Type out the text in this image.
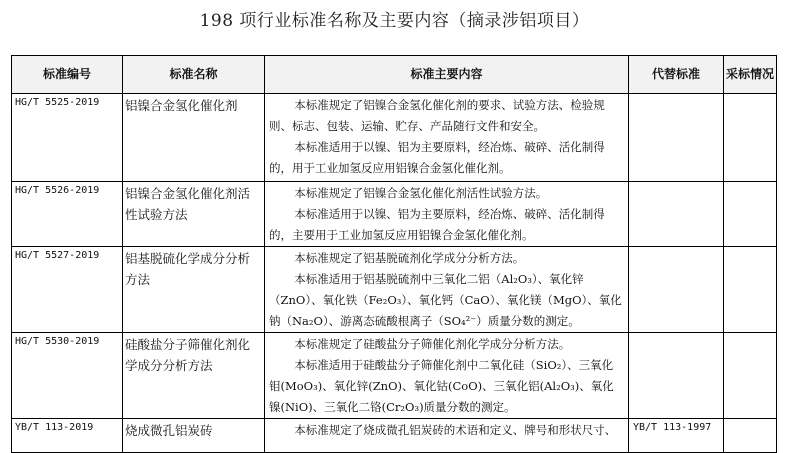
198 项行业标准名称及主要内容（摘录涉铝项目）
标准编号	标准名称	标准主要内容	代替标准	采标情况
HG/T 5525-2019	铝镍合金氢化催化剂	本标准规定了铝镍合金氢化催化剂的要求、试验方法、检验规则、标志、包装、运输、贮存、产品随行文件和安全。

本标准适用于以镍、铝为主要原料，经冶炼、破碎、活化制得的，用于工业加氢反应用铝镍合金氢化催化剂。		

HG/T 5526-2019	铝镍合金氢化催化剂活性试验方法	本标准规定了铝镍合金氢化催化剂活性试验方法。

本标准适用于以镍、铝为主要原料，经冶炼、破碎、活化制得的，主要用于工业加氢反应用铝镍合金氢化催化剂。		

HG/T 5527-2019	铝基脱硫化学成分分析方法	本标准规定了铝基脱硫剂化学成分分析方法。

本标准适用于铝基脱硫剂中三氧化二铝（Al₂O₃）、氧化锌（ZnO）、氧化铁（Fe₂O₃）、氧化钙（CaO）、氧化镁（MgO）、氧化钠（Na₂O）、游离态硫酸根离子（SO₄²⁻）质量分数的测定。		

HG/T 5530-2019	硅酸盐分子筛催化剂化学成分分析方法	本标准规定了硅酸盐分子筛催化剂化学成分分析方法。

本标准适用于硅酸盐分子筛催化剂中二氧化硅（SiO₂）、三氧化钼(MoO₃)、氧化锌(ZnO)、氧化钴(CoO)、三氧化铝(Al₂O₃)、氧化镍(NiO)、三氧化二铬(Cr₂O₃)质量分数的测定。		

YB/T 113-2019	烧成微孔铝炭砖	本标准规定了烧成微孔铝炭砖的术语和定义、牌号和形状尺寸、	YB/T 113-1997	
